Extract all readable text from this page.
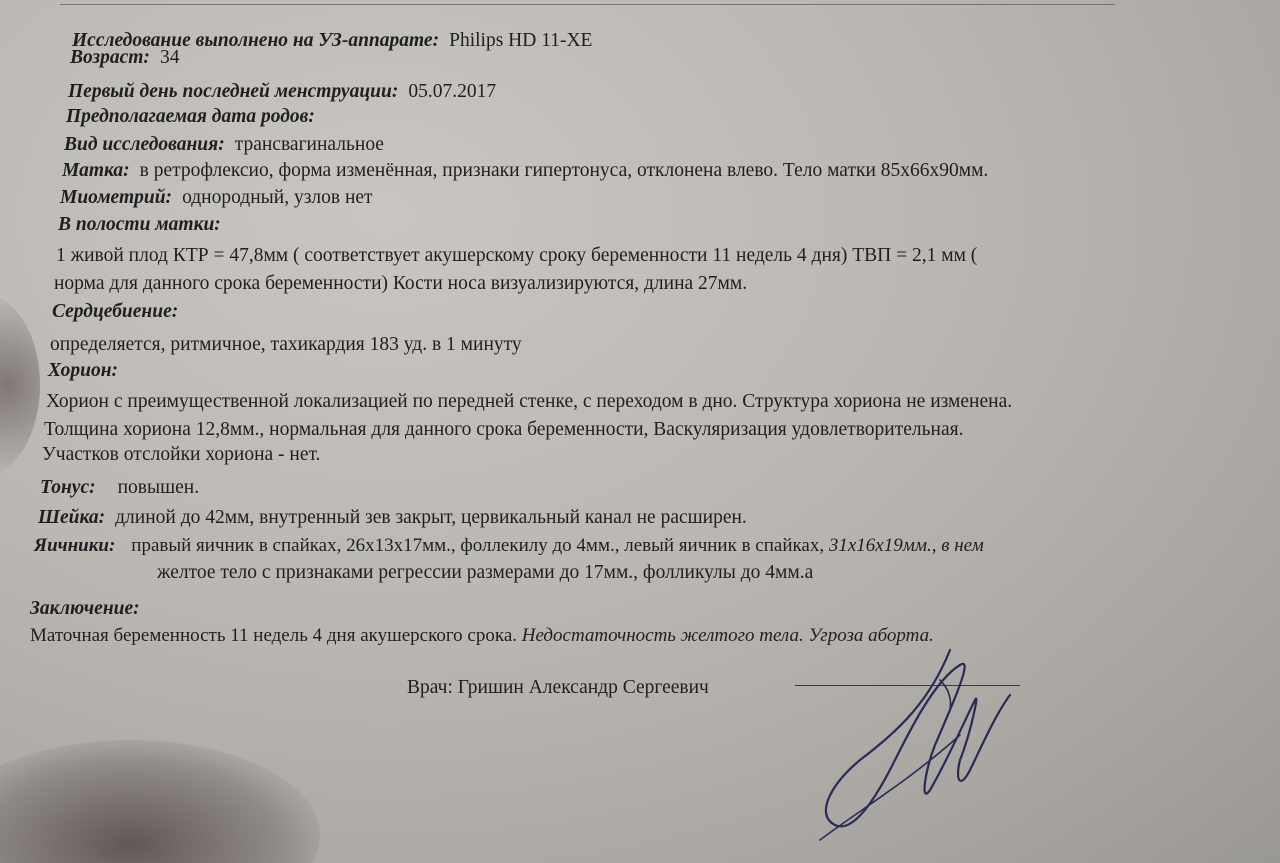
Исследование выполнено на УЗ-аппарате: Philips HD 11-XE
Возраст: 34
Первый день последней менструации: 05.07.2017
Предполагаемая дата родов:
Вид исследования: трансвагинальное
Матка: в ретрофлексио, форма изменённая, признаки гипертонуса, отклонена влево. Тело матки 85х66х90мм.
Миометрий: однородный, узлов нет
В полости матки:
1 живой плод КТР = 47,8мм ( соответствует акушерскому сроку беременности 11 недель 4 дня) ТВП = 2,1 мм (
норма для данного срока беременности) Кости носа визуализируются, длина 27мм.
Сердцебиение:
определяется, ритмичное, тахикардия 183 уд. в 1 минуту
Хорион:
Хорион с преимущественной локализацией по передней стенке, с переходом в дно. Структура хориона не изменена.
Толщина хориона 12,8мм., нормальная для данного срока беременности, Васкуляризация удовлетворительная.
Участков отслойки хориона - нет.
Тонус: повышен.
Шейка: длиной до 42мм, внутренный зев закрыт, цервикальный канал не расширен.
Яичники: правый яичник в спайках, 26х13х17мм., фоллекилу до 4мм., левый яичник в спайках, 31х16х19мм., в нем
желтое тело с признаками регрессии размерами до 17мм., фолликулы до 4мм.а
Заключение:
Маточная беременность 11 недель 4 дня акушерского срока. Недостаточность желтого тела. Угроза аборта.
Врач: Гришин Александр Сергеевич
